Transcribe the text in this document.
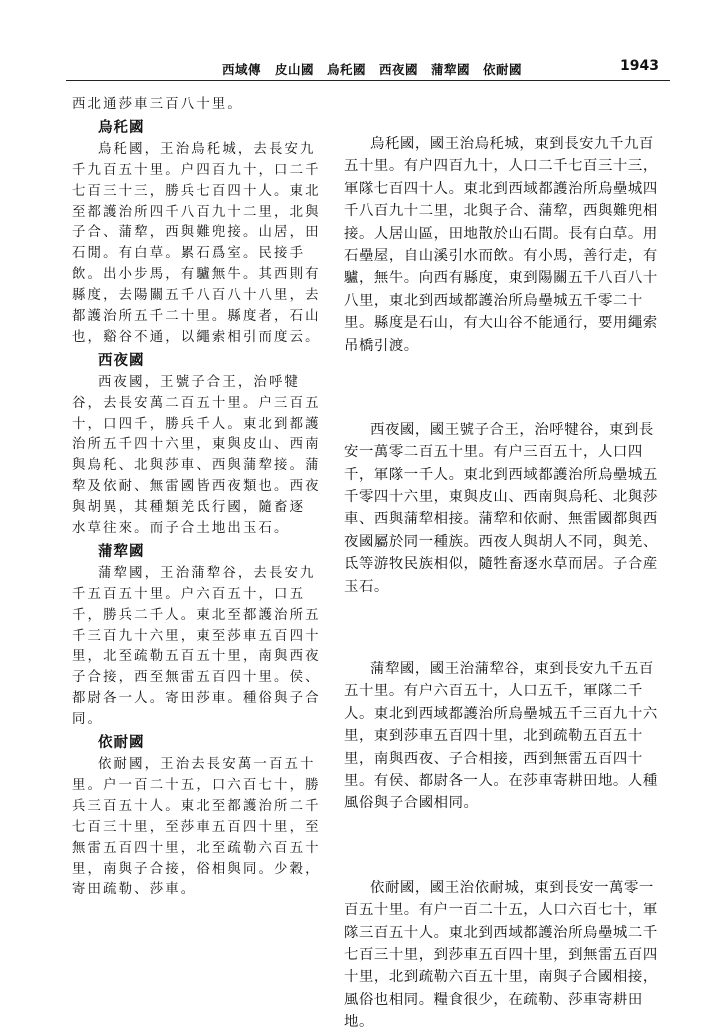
西域傳 皮山國　烏秅國　西夜國　蒲犂國　依耐國	1943
西北通莎車三百八十里。
烏秅國
烏秅國，王治烏秅城，去長安九
千九百五十里。户四百九十，口二千
七百三十三，勝兵七百四十人。東北
至都護治所四千八百九十二里，北與
子合、蒲犂，西與難兜接。山居，田
石閒。有白草。累石爲室。民接手
飲。出小步馬，有驢無牛。其西則有
縣度，去陽關五千八百八十八里，去
都護治所五千二十里。縣度者，石山
也，谿谷不通，以繩索相引而度云。
西夜國
西夜國，王號子合王，治呼犍
谷，去長安萬二百五十里。户三百五
十，口四千，勝兵千人。東北到都護
治所五千四十六里，東與皮山、西南
與烏秅、北與莎車、西與蒲犂接。蒲
犂及依耐、無雷國皆西夜類也。西夜
與胡異，其種類羌氐行國，隨畜逐
水草往來。而子合土地出玉石。
蒲犂國
蒲犂國，王治蒲犂谷，去長安九
千五百五十里。户六百五十，口五
千，勝兵二千人。東北至都護治所五
千三百九十六里，東至莎車五百四十
里，北至疏勒五百五十里，南與西夜
子合接，西至無雷五百四十里。侯、
都尉各一人。寄田莎車。種俗與子合
同。
依耐國
依耐國，王治去長安萬一百五十
里。户一百二十五，口六百七十，勝
兵三百五十人。東北至都護治所二千
七百三十里，至莎車五百四十里，至
無雷五百四十里，北至疏勒六百五十
里，南與子合接，俗相與同。少穀，
寄田疏勒、莎車。
烏秅國，國王治烏秅城，東到長安九千九百
五十里。有户四百九十，人口二千七百三十三，
軍隊七百四十人。東北到西域都護治所烏壘城四
千八百九十二里，北與子合、蒲犂，西與難兜相
接。人居山區，田地散於山石間。長有白草。用
石壘屋，自山溪引水而飲。有小馬，善行走，有
驢，無牛。向西有縣度，東到陽關五千八百八十
八里，東北到西域都護治所烏壘城五千零二十
里。縣度是石山，有大山谷不能通行，要用繩索
吊橋引渡。
西夜國，國王號子合王，治呼犍谷，東到長
安一萬零二百五十里。有户三百五十，人口四
千，軍隊一千人。東北到西域都護治所烏壘城五
千零四十六里，東與皮山、西南與烏秅、北與莎
車、西與蒲犂相接。蒲犂和依耐、無雷國都與西
夜國屬於同一種族。西夜人與胡人不同，與羌、
氐等游牧民族相似，隨牲畜逐水草而居。子合産
玉石。
蒲犂國，國王治蒲犂谷，東到長安九千五百
五十里。有户六百五十，人口五千，軍隊二千
人。東北到西域都護治所烏壘城五千三百九十六
里，東到莎車五百四十里，北到疏勒五百五十
里，南與西夜、子合相接，西到無雷五百四十
里。有侯、都尉各一人。在莎車寄耕田地。人種
風俗與子合國相同。
依耐國，國王治依耐城，東到長安一萬零一
百五十里。有户一百二十五，人口六百七十，軍
隊三百五十人。東北到西域都護治所烏壘城二千
七百三十里，到莎車五百四十里，到無雷五百四
十里，北到疏勒六百五十里，南與子合國相接，
風俗也相同。糧食很少，在疏勒、莎車寄耕田
地。
